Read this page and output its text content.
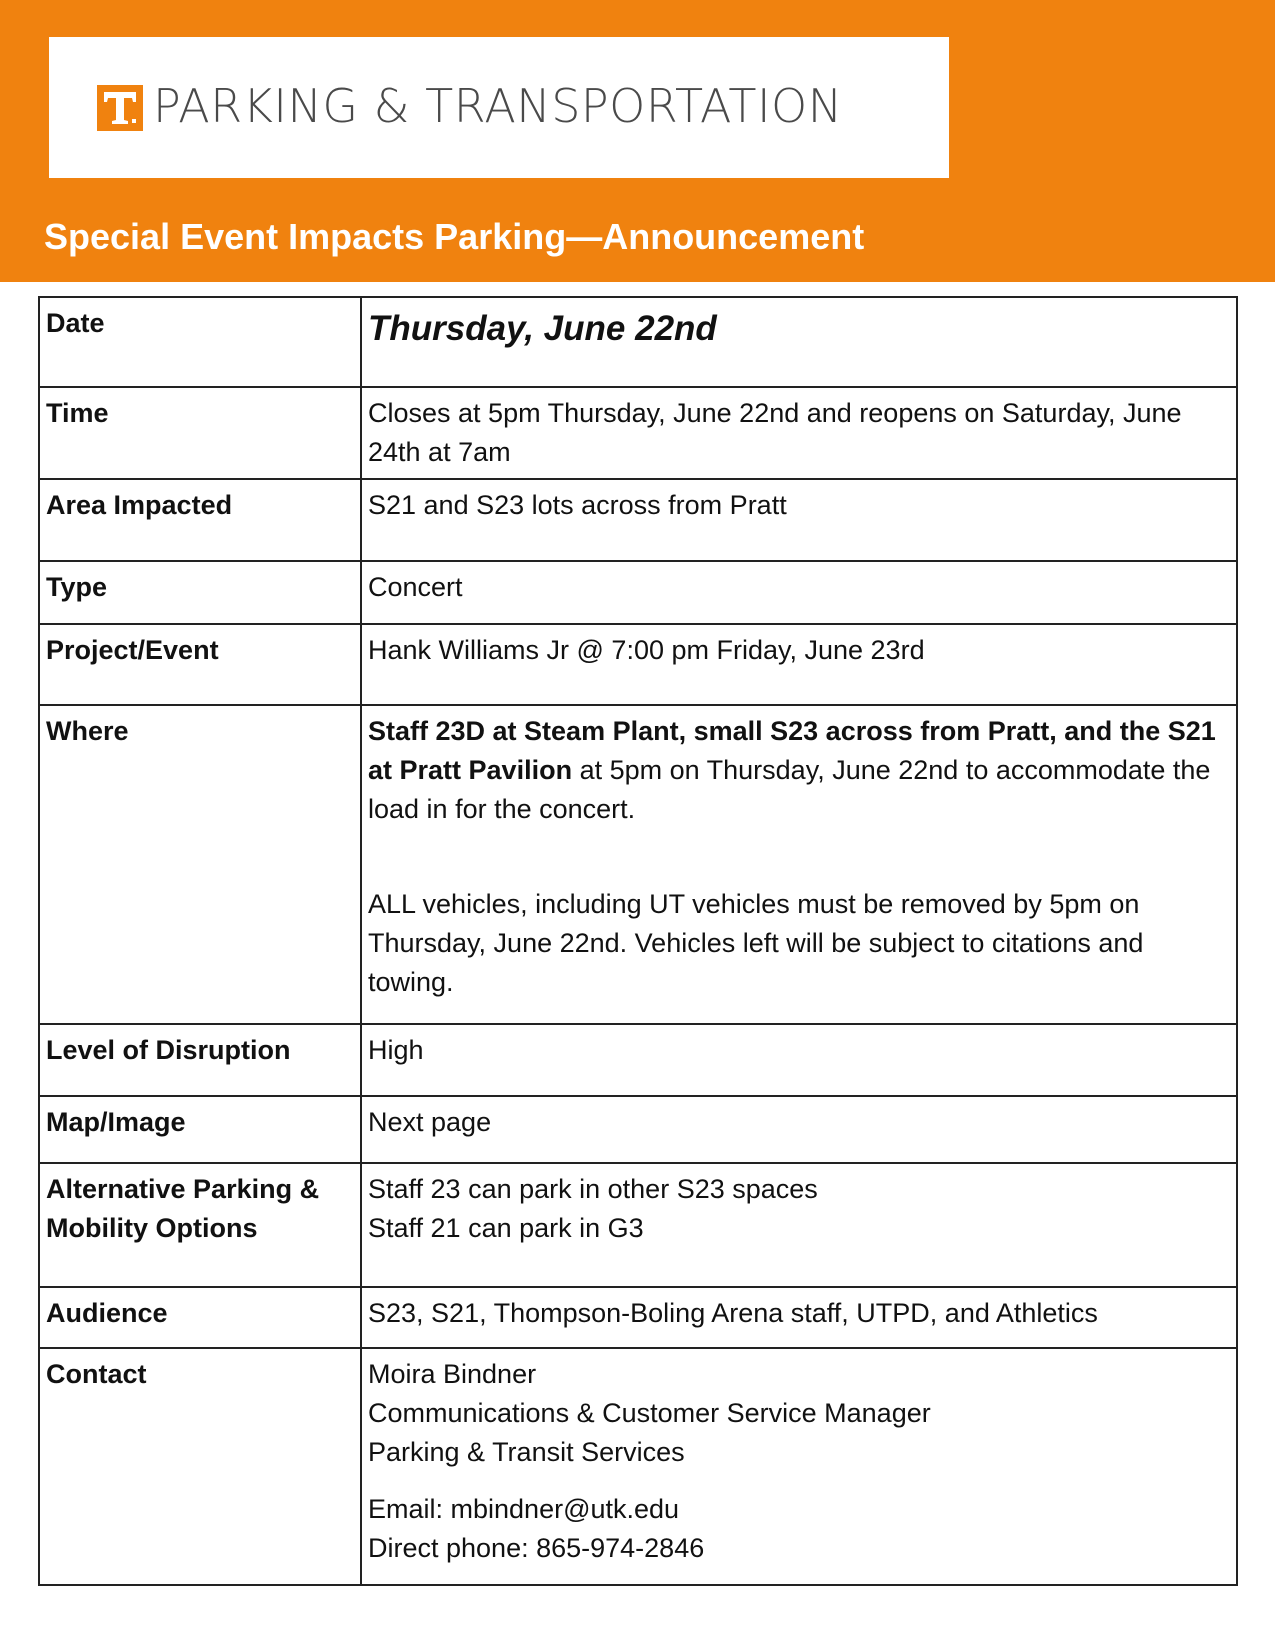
PARKING & TRANSPORTATION
Special Event Impacts Parking—Announcement
Date	Thursday, June 22nd

Time	Closes at 5pm Thursday, June 22nd and reopens on Saturday, June 24th at 7am
Area Impacted	S21 and S23 lots across from Pratt
Type	Concert
Project/Event	Hank Williams Jr @ 7:00 pm Friday, June 23rd
Where	Staff 23D at Steam Plant, small S23 across from Pratt, and the S21 at Pratt Pavilion at 5pm on Thursday, June 22nd to accommodate the load in for the concert.
ALL vehicles, including UT vehicles must be removed by 5pm on Thursday, June 22nd. Vehicles left will be subject to citations and towing.

Level of Disruption	High
Map/Image	Next page
Alternative Parking & Mobility Options	Staff 23 can park in other S23 spaces
Staff 21 can park in G3

Audience	S23, S21, Thompson-Boling Arena staff, UTPD, and Athletics
Contact	Moira Bindner
Communications & Customer Service Manager
Parking & Transit Services
Email: mbindner@utk.edu
Direct phone: 865-974-2846
